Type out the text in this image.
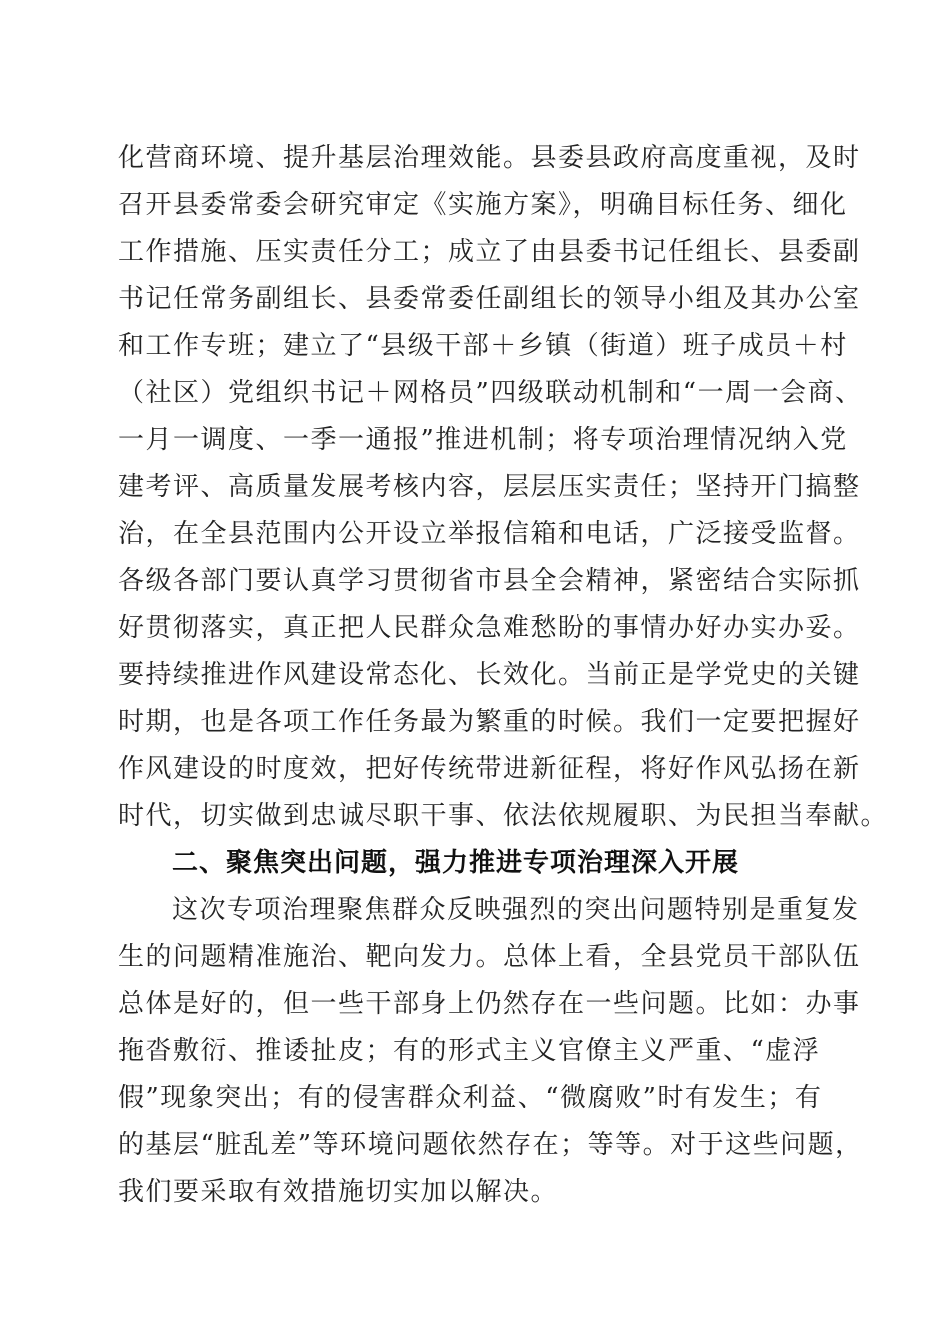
化营商环境、提升基层治理效能。县委县政府高度重视，及时
召开县委常委会研究审定《实施方案》，明确目标任务、细化
工作措施、压实责任分工；成立了由县委书记任组长、县委副
书记任常务副组长、县委常委任副组长的领导小组及其办公室
和工作专班；建立了“县级干部＋乡镇（街道）班子成员＋村
（社区）党组织书记＋网格员”四级联动机制和“一周一会商、
一月一调度、一季一通报”推进机制；将专项治理情况纳入党
建考评、高质量发展考核内容，层层压实责任；坚持开门搞整
治，在全县范围内公开设立举报信箱和电话，广泛接受监督。
各级各部门要认真学习贯彻省市县全会精神，紧密结合实际抓
好贯彻落实，真正把人民群众急难愁盼的事情办好办实办妥。
要持续推进作风建设常态化、长效化。当前正是学党史的关键
时期，也是各项工作任务最为繁重的时候。我们一定要把握好
作风建设的时度效，把好传统带进新征程，将好作风弘扬在新
时代，切实做到忠诚尽职干事、依法依规履职、为民担当奉献。
二、聚焦突出问题，强力推进专项治理深入开展
这次专项治理聚焦群众反映强烈的突出问题特别是重复发
生的问题精准施治、靶向发力。总体上看，全县党员干部队伍
总体是好的，但一些干部身上仍然存在一些问题。比如：办事
拖沓敷衍、推诿扯皮；有的形式主义官僚主义严重、“虚浮
假”现象突出；有的侵害群众利益、“微腐败”时有发生；有
的基层“脏乱差”等环境问题依然存在；等等。对于这些问题，
我们要采取有效措施切实加以解决。
